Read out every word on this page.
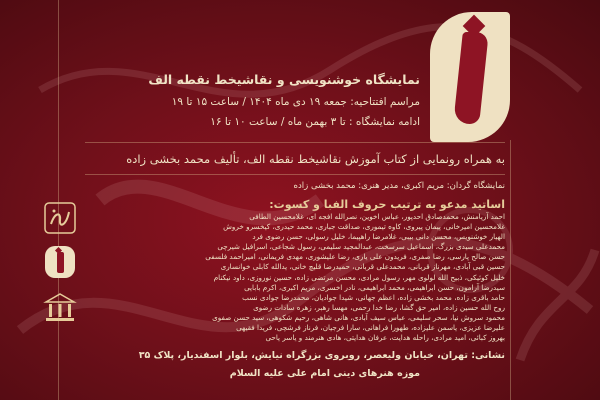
نمایشگاه خوشنویسی و نقاشیخط نقطه الف
مراسم افتتاحیه: جمعه ۱۹ دی ماه ۱۴۰۴ / ساعت ۱۵ تا ۱۹
ادامه نمایشگاه : تا ۳ بهمن ماه / ساعت ۱۰ تا ۱۶
به همراه رونمایی از کتاب آموزش نقاشیخط نقطه الف، تألیف محمد بخشی زاده
نمایشگاه گردان: مریم اکبری، مدیر هنری: محمد بخشی زاده
اساتید مدعو به ترتیب حروف الفبا و کسوت:
احمد آریامنش، محمدصادق احدپور، عباس اخوین، نصرالله افجه ای، غلامحسین الطافی
غلامحسین امیرخانی، پیمان پیروی، کاوه تیموری، صداقت جباری، محمد حیدری، کیخسرو خروش
الهیار خوشنویس، محسن دانی بیبی، غلامرضا راهپیما، خلیل رسولی، حسن رضوی فرد
محمدعلی سیدی بزرگ، اسماعیل سرسخت، عبدالمجید سلیمی، رسول شجاعی، اسرافیل شیرچی
حسن صالح پارسی، رضا صفری، فریدون علی یاری، رضا علیشوری، مهدی فریمانی، امیراحمد فلسفی
حسین قبی آبادی، مهرناز قربانی، محمدعلی قربانی، حمیدرضا قلیچ خانی، یدالله کابلی خوانساری
خلیل کوئیکی، ذبیح الله لولوی مهر، رسول مرادی، محسن مرتضی زاده، حسین نوروزی، داود نیکنام
سیدرضا آرامون، حسن ابراهیمی، محمد ابراهیمی، نادر اخسری، مریم اکبری، اکرم بابایی
حامد باقری زاده، محمد بخشی زاده، اعظم جهانی، شیدا جوادیان، محمدرضا جوادی نسب
روح الله حسین زاده، امیر حق گشا، رضا خدا رحمی، مهسا رهبر، زهره سادات رضوی
محمود سروش نیا، سحر سلیمی، عباس سیف آبادی، هانی شاهی، رحیم شکوهی، سید حسن صفوی
علیرضا عزیزی، یاسمن علیزاده، طهورا فراهانی، سارا فرجیان، فرناز فرشچی، فریدا فقیهی
بهروز کبائی، امید مرادی، راحله هدایت، عرفان هدایتی، هادی هنرمند و یاسر یاحی
نشانی: تهران، خیابان ولیعصر، روبروی بزرگراه نیایش، بلوار اسفندیار، پلاک ۳۵
موزه هنرهای دینی امام علی علیه السلام
